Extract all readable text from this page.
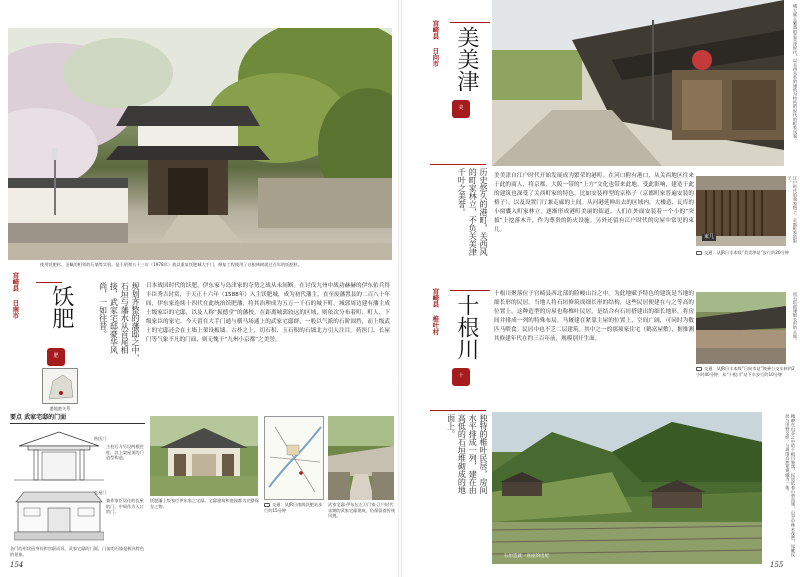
使用饫肥杉、圣佩的相邻的石墙等实验。是于昭和五十三年（1978年）放以重复饫肥城大手门，修复工程使用了白根林树就过百年的饫肥杉。
宫崎县 日南市 饫肥
肥	规划齐整的藩邸之中，石垣与藩水从首尾相接，武家宅邸豪华风尚，一如往昔。
港地港关系
日本战国时代的饫肥，伊东家与岛津家的夺势之战从未间断。在讨伐九州中战功赫赫的伊东佑兵得丰臣秀吉封赏，于天正十六年（1588年）入主饫肥城，成为初代藩主。直至废藩置县的二百八十年间，伊东家连续十四代在此统治饫肥藩，将其治理成为五万一千石的城下町。城郭周边建有藩主成士级家臣的宅邸，以及人称“振德堂”的藩校。在距离城郭较远的区域，则依次分布着町、町人、下级家臣的家宅。今天留在大手门通与横马场通上的武家宅邸群，一般以气派的石阶围挡，而上级武士的宅邸还会在土墙上架设板墙。古朴之上，切石积、玉石积的石墙北方引人注目。药医门、长屋门等气象不凡的门面，则无愧于“九州小京都”之美誉。
要点 武家宅邸的门面
药医门
主柱后方另设两根控柱，其上架屋顶的门造型构造。
长屋门
兼作家臣居住的长屋的门，中间作为入口的门。
各门的形状因身份和官职而异。武家宅邸的门面，门前的石墙是极具特色的景象。
饫肥藩上级家臣伊东家之宅邸。宅邸建筑和庭园都为完整保存之物。	交通：从JR日南线饫肥站步行约15分钟
武家宅邸·伊东伝左卫门家·江户时代末期的武家宅邸建筑，仍保留着传统风貌。
154
宫崎县 日向市 美美津
美
历史悠久的港町，关西风的町家林立，不负关美津千叶之美誉。
城大量主繁盛的美美津时代，以关西关系的建筑为特色的时代的町家风貌。
美美津自江户时代开始发展成为繁荣的港町。在河口附有港口，从关西地区往来于此的商人，将京都、大阪一带的“上方”文化也带来此地。受此影响，建造于此的建筑也深受了关西町家的特色。比如安装样型的京格子（京都町家普遍安装的格子），以及设置门厅兼走廊的土间。从河港延伸出去的区域内，大楼造、瓦库的小窗囊入町家林立，逐渐形成港町美丽的街道。人们在外面安装着一个小的“突拔”上挖落木升，作为尊贵的防火设施。另外还留有江户时代的房屋中常见的束几。
束几	江户时代的商家格子。京都町家的影子。
交通：从JR日丰本线“美美津站”步行约20分钟
宫崎县 椎叶村 十根川
十
独特的椎叶民居，房间水平排成一列，建在由高低的石垣堆砌成的地面上。
十根川聚落位于宫崎县西北部的险峻山谷之中。为此地赋予特色的建筑是当地的细长形的民居。当地人将石垣修筑成细长形的结构，这些民居便建在与之等高的位置上。这种造型的房屋也称椎叶民居，是结合有石垣搭建出的细长地形，将房间并排成一列的特殊布局。马厩建在紧靠主屋的位置上，空间广阔，可同时为数匹马喂食。民居中也不乏二层建筑。其中之一的那须家住宅（鹤富屋敷），据推测其修建年代在约三百年前，规模别开生面。	用石垣搭建细长形的主屋。
交通：从JR日丰本线“日向市站”换乘公交车转约2小时40分钟，从“十根川”站下车步行约10分钟
石垣造就一座座的房屋
掩映在山谷之中的十根川聚落，民居依着山势而建，山谷中林木茂密，远眺民居与田野交织，与周围自然景观融为一体。
155
